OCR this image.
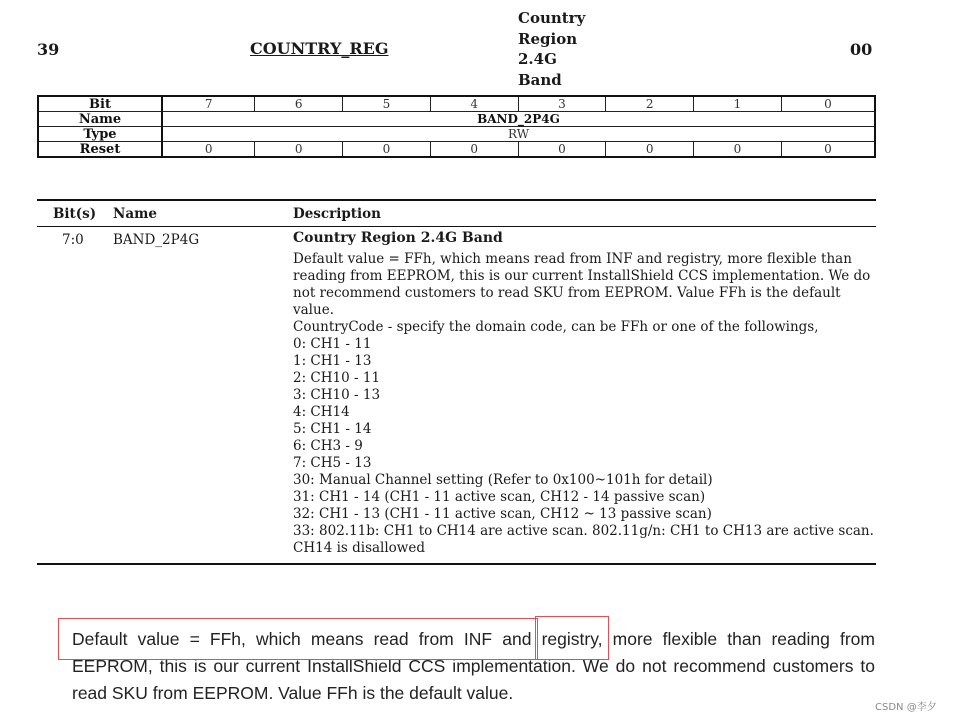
39	COUNTRY_REG
Country
Region
2.4G
Band
00
Bit	7	6	5	4	3	2	1	0
Name	BAND_2P4G							
Type	RW							
Reset	0	0	0	0	0	0	0	0
Bit(s) Name	Description
7:0 BAND_2P4G	Country Region 2.4G Band
Default value = FFh, which means read from INF and registry, more flexible than
reading from EEPROM, this is our current InstallShield CCS implementation. We do
not recommend customers to read SKU from EEPROM. Value FFh is the default
value.
CountryCode - specify the domain code, can be FFh or one of the followings,
0: CH1 - 11
1: CH1 - 13
2: CH10 - 11
3: CH10 - 13
4: CH14
5: CH1 - 14
6: CH3 - 9
7: CH5 - 13
30: Manual Channel setting (Refer to 0x100~101h for detail)
31: CH1 - 14 (CH1 - 11 active scan, CH12 - 14 passive scan)
32: CH1 - 13 (CH1 - 11 active scan, CH12 ~ 13 passive scan)
33: 802.11b: CH1 to CH14 are active scan. 802.11g/n: CH1 to CH13 are active scan.
CH14 is disallowed
Default value = FFh, which means read from INF and registry, more flexible than reading from EEPROM, this is our current InstallShield CCS implementation. We do not recommend customers to read SKU from EEPROM. Value FFh is the default value.
CSDN @李夕
